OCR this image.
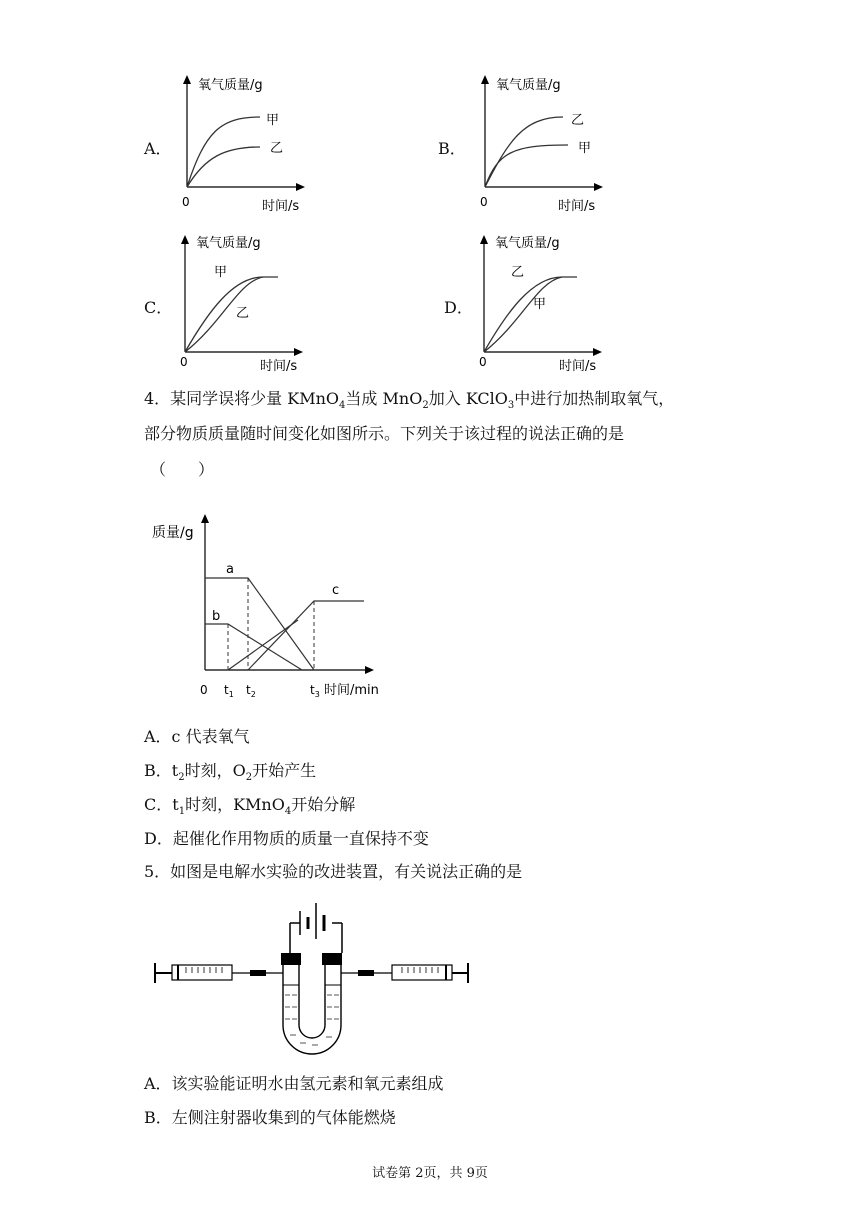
A．
氧气质量/g
时间/s
0
甲
乙	B．
氧气质量/g
时间/s
0
乙
甲
C．
氧气质量/g
时间/s
0
甲
乙	D．
氧气质量/g
时间/s
0
乙
甲
4．某同学误将少量 KMnO$_4$当成 MnO$_2$加入 KClO$_3$中进行加热制取氧气，
部分物质质量随时间变化如图所示。下列关于该过程的说法正确的是
（　　）
质量/g
a
b
c
0 $t_1$ $t_2$	$t_3$ 时间/min
A．c 代表氧气
B．$t_2$时刻，$O_2$开始产生
C．$t_1$时刻，KMnO$_4$开始分解
D．起催化作用物质的质量一直保持不变
5．如图是电解水实验的改进装置，有关说法正确的是
A．该实验能证明水由氢元素和氧元素组成
B．左侧注射器收集到的气体能燃烧
试卷第 2页，共 9页
